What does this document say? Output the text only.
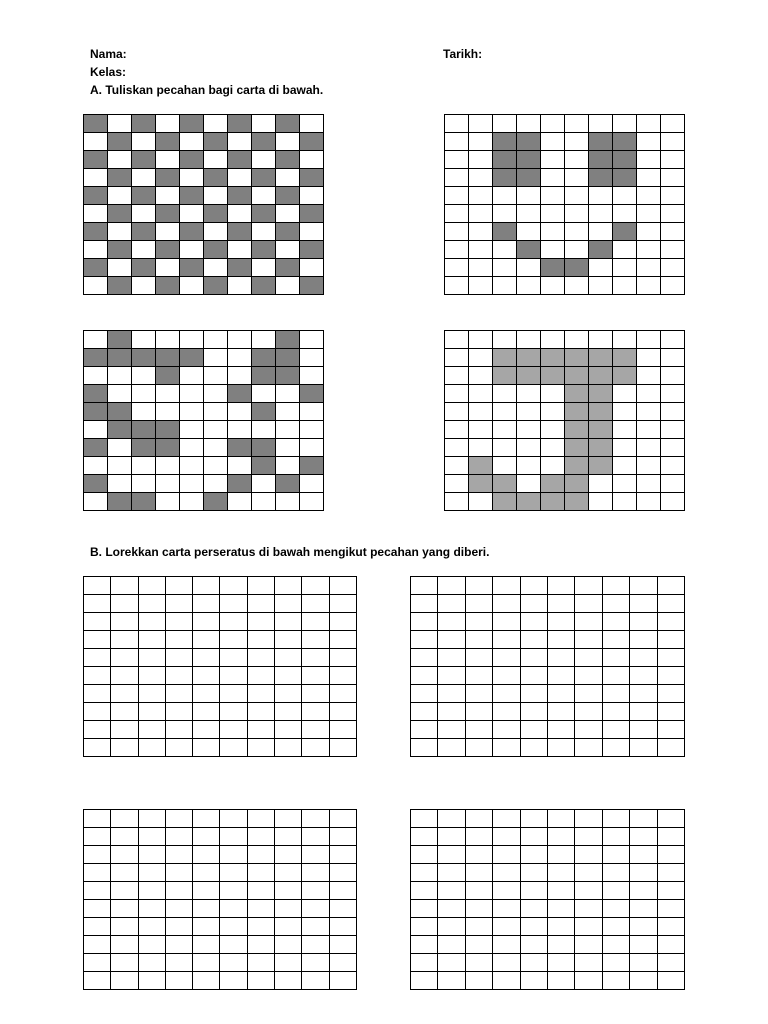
Nama:	Tarikh:
Kelas:
A. Tuliskan pecahan bagi carta di bawah.
B. Lorekkan carta perseratus di bawah mengikut pecahan yang diberi.
